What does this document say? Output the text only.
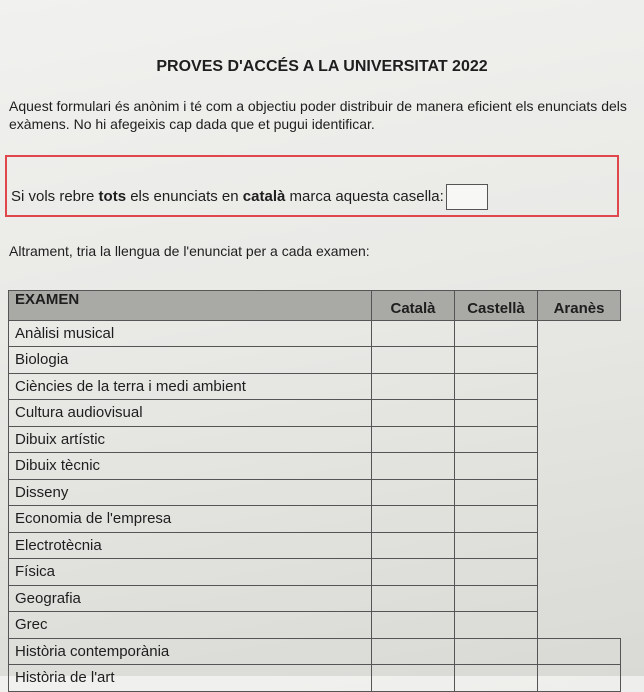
PROVES D'ACCÉS A LA UNIVERSITAT 2022
Aquest formulari és anònim i té com a objectiu poder distribuir de manera eficient els enunciats dels exàmens. No hi afegeixis cap dada que et pugui identificar.
Si vols rebre tots els enunciats en català marca aquesta casella:
Altrament, tria la llengua de l'enunciat per a cada examen:
EXAMEN	Català	Castellà	Aranès
Anàlisi musical			
Biologia			
Ciències de la terra i medi ambient			
Cultura audiovisual			
Dibuix artístic			
Dibuix tècnic			
Disseny			
Economia de l'empresa			
Electrotècnia			
Física			
Geografia			
Grec			
Història contemporània			
Història de l'art			
